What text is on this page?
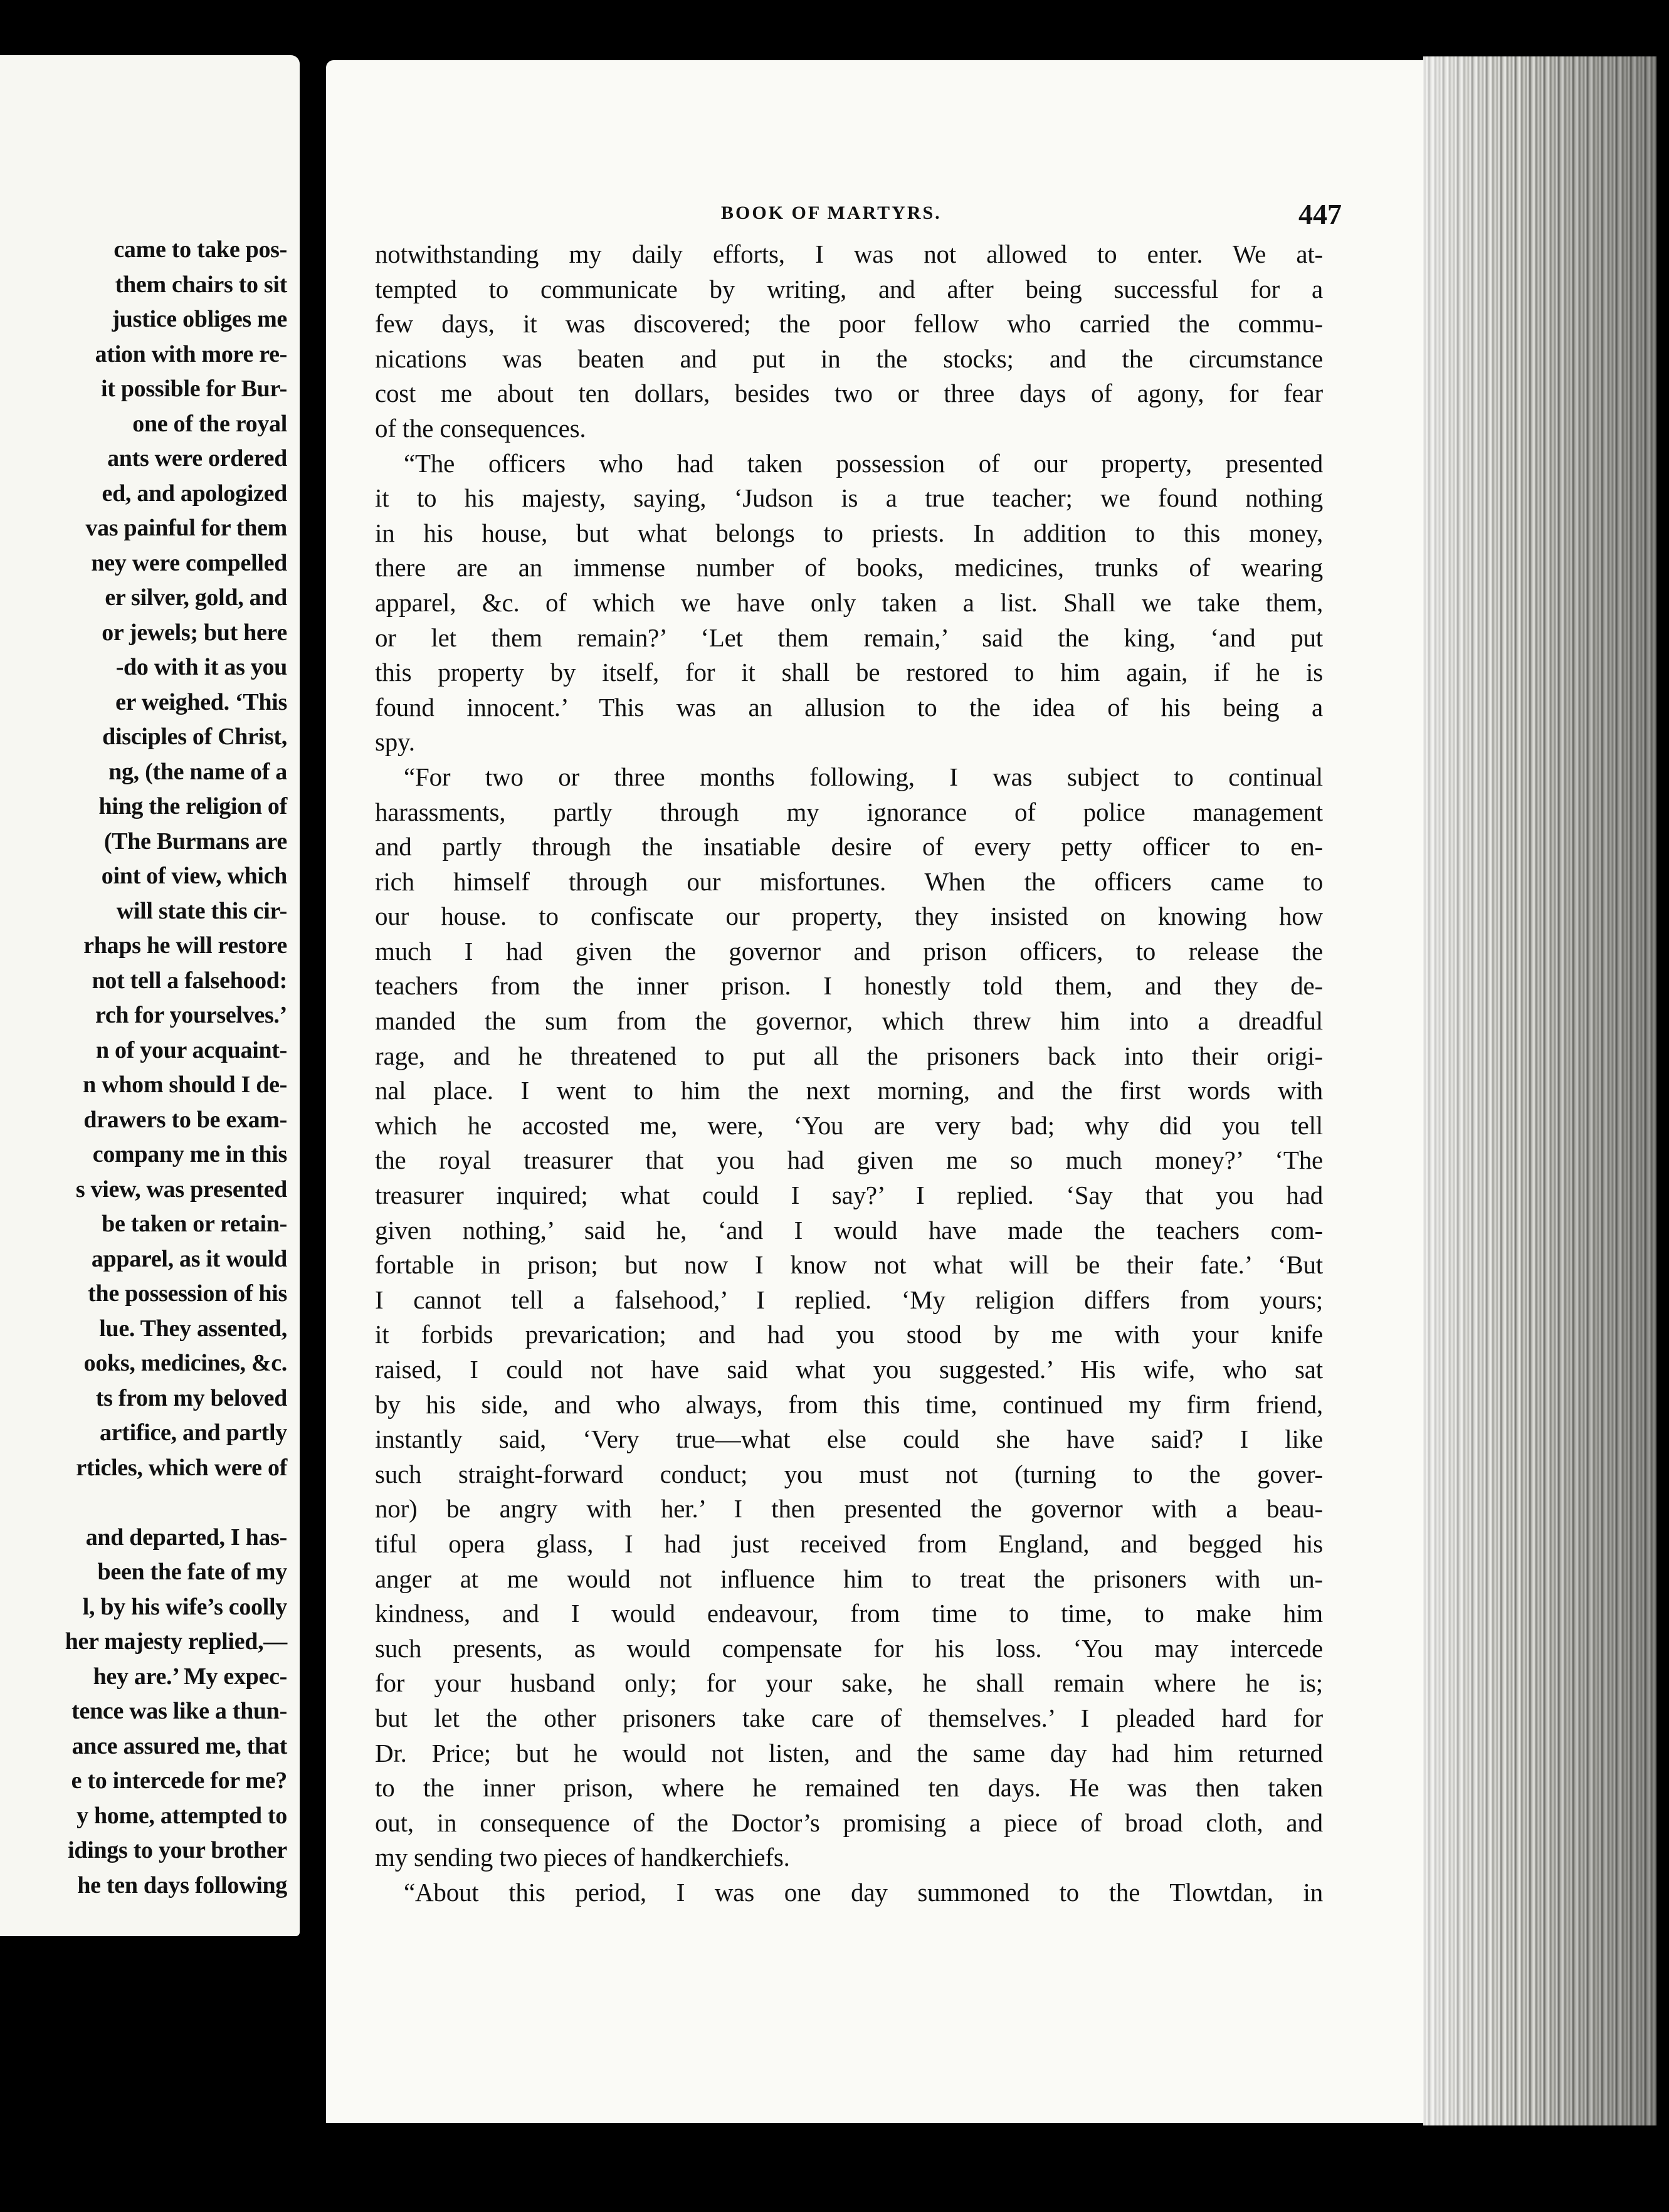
came to take pos-
them chairs to sit
justice obliges me
ation with more re-
it possible for Bur-
one of the royal
ants were ordered
ed, and apologized
vas painful for them
ney were compelled
er silver, gold, and
or jewels; but here
-do with it as you
er weighed. ‘This
disciples of Christ,
ng, (the name of a
hing the religion of
(The Burmans are
oint of view, which
will state this cir-
rhaps he will restore
not tell a falsehood:
rch for yourselves.’
n of your acquaint-
n whom should I de-
drawers to be exam-
company me in this
s view, was presented
be taken or retain-
apparel, as it would
the possession of his
lue. They assented,
ooks, medicines, &c.
ts from my beloved
artifice, and partly
rticles, which were of
and departed, I has-
been the fate of my
l, by his wife’s coolly
her majesty replied,—
hey are.’ My expec-
tence was like a thun-
ance assured me, that
e to intercede for me?
y home, attempted to
idings to your brother
he ten days following
BOOK OF MARTYRS.	447
notwithstanding my daily efforts, I was not allowed to enter. We at-
tempted to communicate by writing, and after being successful for a
few days, it was discovered; the poor fellow who carried the commu-
nications was beaten and put in the stocks; and the circumstance
cost me about ten dollars, besides two or three days of agony, for fear
of the consequences.
“The officers who had taken possession of our property, presented
it to his majesty, saying, ‘Judson is a true teacher; we found nothing
in his house, but what belongs to priests. In addition to this money,
there are an immense number of books, medicines, trunks of wearing
apparel, &c. of which we have only taken a list. Shall we take them,
or let them remain?’ ‘Let them remain,’ said the king, ‘and put
this property by itself, for it shall be restored to him again, if he is
found innocent.’ This was an allusion to the idea of his being a
spy.
“For two or three months following, I was subject to continual
harassments, partly through my ignorance of police management
and partly through the insatiable desire of every petty officer to en-
rich himself through our misfortunes. When the officers came to
our house. to confiscate our property, they insisted on knowing how
much I had given the governor and prison officers, to release the
teachers from the inner prison. I honestly told them, and they de-
manded the sum from the governor, which threw him into a dreadful
rage, and he threatened to put all the prisoners back into their origi-
nal place. I went to him the next morning, and the first words with
which he accosted me, were, ‘You are very bad; why did you tell
the royal treasurer that you had given me so much money?’ ‘The
treasurer inquired; what could I say?’ I replied. ‘Say that you had
given nothing,’ said he, ‘and I would have made the teachers com-
fortable in prison; but now I know not what will be their fate.’ ‘But
I cannot tell a falsehood,’ I replied. ‘My religion differs from yours;
it forbids prevarication; and had you stood by me with your knife
raised, I could not have said what you suggested.’ His wife, who sat
by his side, and who always, from this time, continued my firm friend,
instantly said, ‘Very true—what else could she have said? I like
such straight-forward conduct; you must not (turning to the gover-
nor) be angry with her.’ I then presented the governor with a beau-
tiful opera glass, I had just received from England, and begged his
anger at me would not influence him to treat the prisoners with un-
kindness, and I would endeavour, from time to time, to make him
such presents, as would compensate for his loss. ‘You may intercede
for your husband only; for your sake, he shall remain where he is;
but let the other prisoners take care of themselves.’ I pleaded hard for
Dr. Price; but he would not listen, and the same day had him returned
to the inner prison, where he remained ten days. He was then taken
out, in consequence of the Doctor’s promising a piece of broad cloth, and
my sending two pieces of handkerchiefs.
“About this period, I was one day summoned to the Tlowtdan, in
